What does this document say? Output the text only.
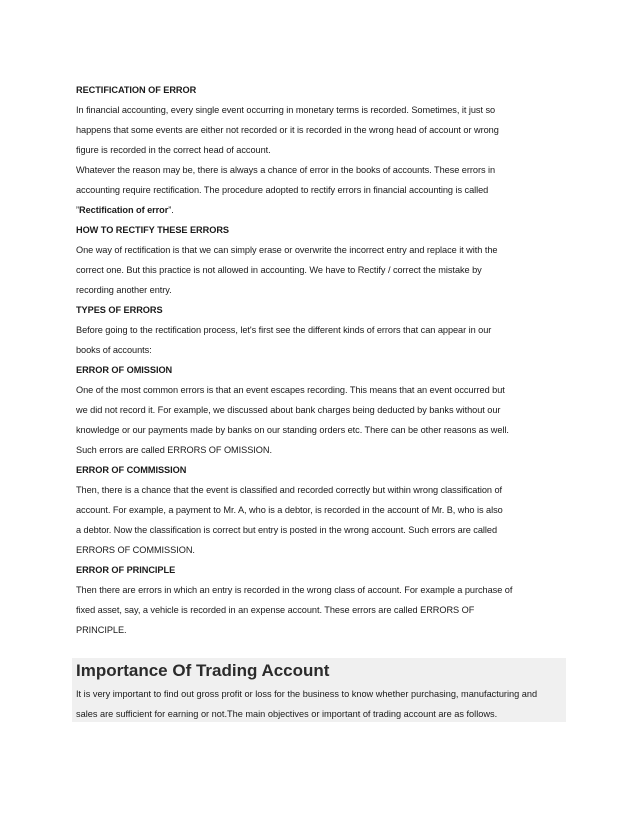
RECTIFICATION OF ERROR
In financial accounting, every single event occurring in monetary terms is recorded. Sometimes, it just so
happens that some events are either not recorded or it is recorded in the wrong head of account or wrong
figure is recorded in the correct head of account.
Whatever the reason may be, there is always a chance of error in the books of accounts. These errors in
accounting require rectification. The procedure adopted to rectify errors in financial accounting is called
”Rectification of error”.
HOW TO RECTIFY THESE ERRORS
One way of rectification is that we can simply erase or overwrite the incorrect entry and replace it with the
correct one. But this practice is not allowed in accounting. We have to Rectify / correct the mistake by
recording another entry.
TYPES OF ERRORS
Before going to the rectification process, let's first see the different kinds of errors that can appear in our
books of accounts:
ERROR OF OMISSION
One of the most common errors is that an event escapes recording. This means that an event occurred but
we did not record it. For example, we discussed about bank charges being deducted by banks without our
knowledge or our payments made by banks on our standing orders etc. There can be other reasons as well.
Such errors are called ERRORS OF OMISSION.
ERROR OF COMMISSION
Then, there is a chance that the event is classified and recorded correctly but within wrong classification of
account. For example, a payment to Mr. A, who is a debtor, is recorded in the account of Mr. B, who is also
a debtor. Now the classification is correct but entry is posted in the wrong account. Such errors are called
ERRORS OF COMMISSION.
ERROR OF PRINCIPLE
Then there are errors in which an entry is recorded in the wrong class of account. For example a purchase of
fixed asset, say, a vehicle is recorded in an expense account. These errors are called ERRORS OF
PRINCIPLE.
Importance Of Trading Account
It is very important to find out gross profit or loss for the business to know whether purchasing, manufacturing and
sales are sufficient for earning or not.The main objectives or important of trading account are as follows.
